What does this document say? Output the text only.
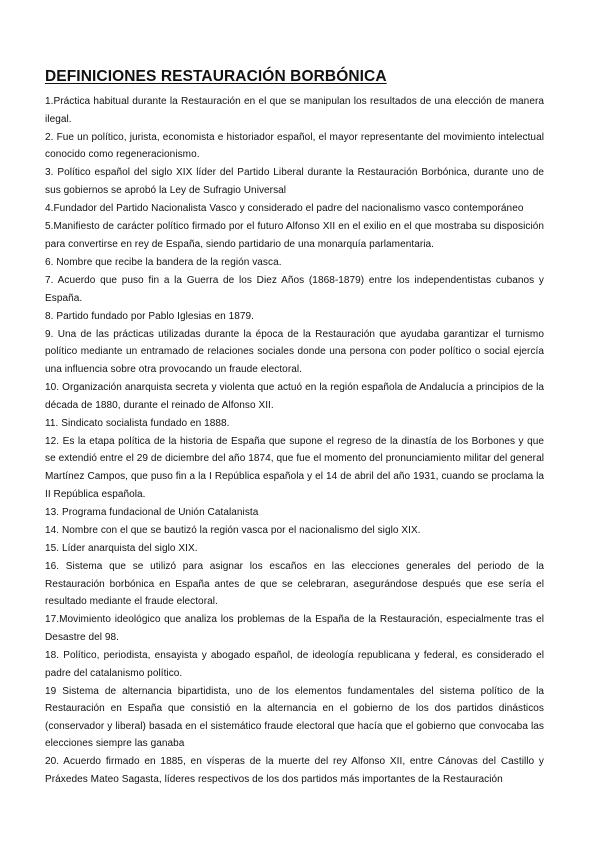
DEFINICIONES RESTAURACIÓN BORBÓNICA

1.Práctica habitual durante la Restauración en el que se manipulan los resultados de una elección de manera ilegal.

2. Fue un político, jurista, economista e historiador español, el mayor representante del movimiento intelectual conocido como regeneracionismo.

3. Político español del siglo XIX líder del Partido Liberal durante la Restauración Borbónica, durante uno de sus gobiernos se aprobó la Ley de Sufragio Universal

4.Fundador del Partido Nacionalista Vasco y considerado el padre del nacionalismo vasco contemporáneo

5.Manifiesto de carácter político firmado por el futuro Alfonso XII en el exilio en el que mostraba su disposición para convertirse en rey de España, siendo partidario de una monarquía parlamentaria.

6. Nombre que recibe la bandera de la región vasca.

7. Acuerdo que puso fin a la Guerra de los Diez Años (1868-1879) entre los independentistas cubanos y España.

8. Partido fundado por Pablo Iglesias en 1879.

9. Una de las prácticas utilizadas durante la época de la Restauración que ayudaba garantizar el turnismo político mediante un entramado de relaciones sociales donde una persona con poder político o social ejercía una influencia sobre otra provocando un fraude electoral.

10. Organización anarquista secreta y violenta que actuó en la región española de Andalucía a principios de la década de 1880, durante el reinado de Alfonso XII.

11. Sindicato socialista fundado en 1888.

12. Es la etapa política de la historia de España que supone el regreso de la dinastía de los Borbones y que se extendió entre el 29 de diciembre del año 1874, que fue el momento del pronunciamiento militar del general Martínez Campos, que puso fin a la I República española y el 14 de abril del año 1931, cuando se proclama la II República española.

13. Programa fundacional de Unión Catalanista

14. Nombre con el que se bautizó la región vasca por el nacionalismo del siglo XIX.

15. Líder anarquista del siglo XIX.

16. Sistema que se utilizó para asignar los escaños en las elecciones generales del periodo de la Restauración borbónica en España antes de que se celebraran, asegurándose después que ese sería el resultado mediante el fraude electoral.

17.Movimiento ideológico que analiza los problemas de la España de la Restauración, especialmente tras el Desastre del 98.

18. Político, periodista, ensayista y abogado español, de ideología republicana y federal, es considerado el padre del catalanismo político.

19 Sistema de alternancia bipartidista, uno de los elementos fundamentales del sistema político de la Restauración en España que consistió en la alternancia en el gobierno de los dos partidos dinásticos (conservador y liberal) basada en el sistemático fraude electoral que hacía que el gobierno que convocaba las elecciones siempre las ganaba

20. Acuerdo firmado en 1885, en vísperas de la muerte del rey Alfonso XII, entre Cánovas del Castillo y Práxedes Mateo Sagasta, líderes respectivos de los dos partidos más importantes de la Restauración
